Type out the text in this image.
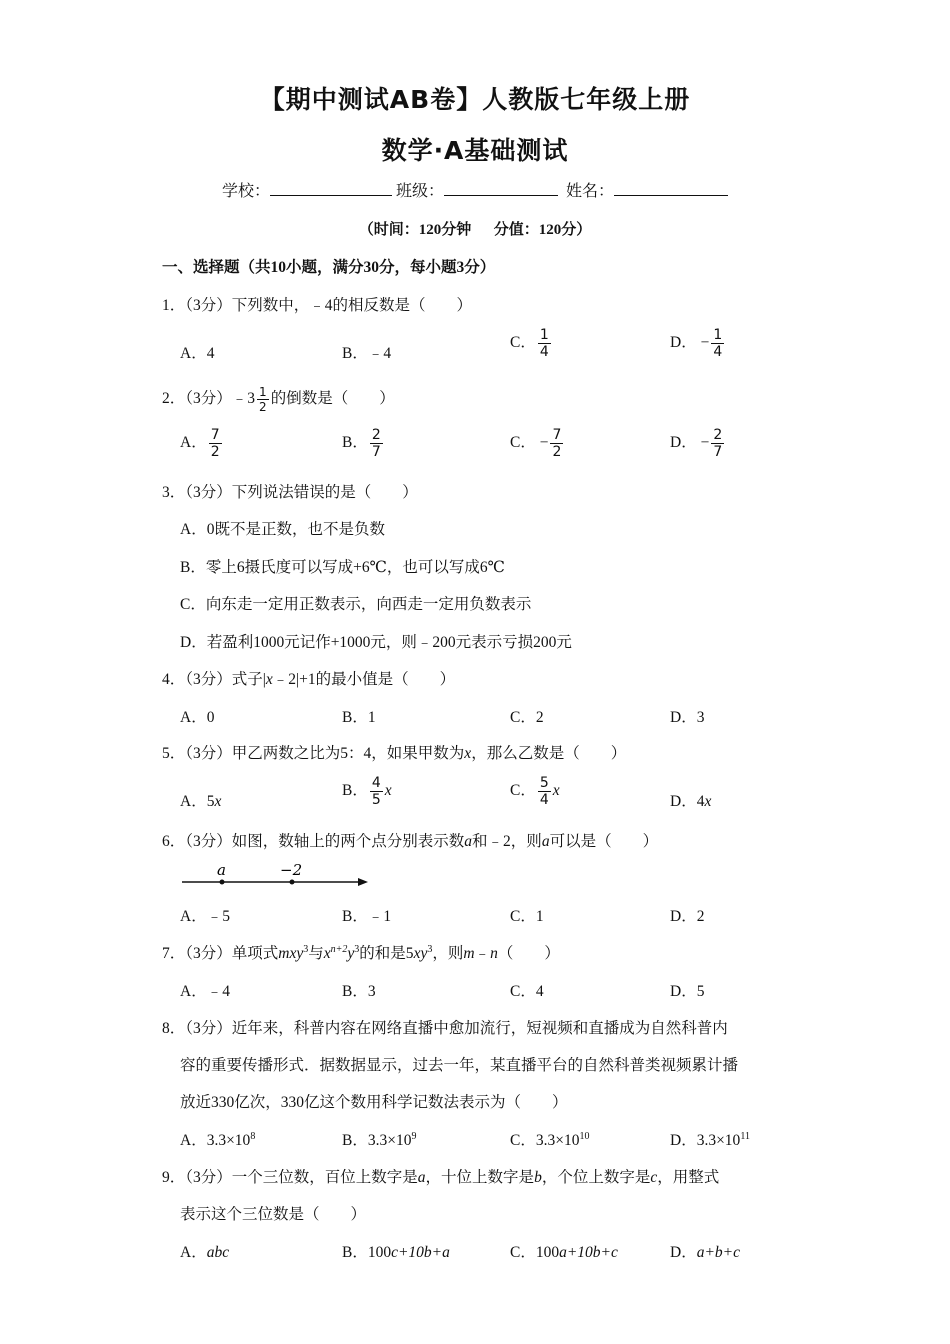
【期中测试AB卷】人教版七年级上册
数学·A基础测试
学校：	班级：	姓名：
（时间：120分钟 　 分值：120分）
一、选择题（共10小题，满分30分，每小题3分）
1．（3分）下列数中，﹣4的相反数是（　　）
A．4	B．﹣4
C． $\frac{1}{4}$	D． − $\frac{1}{4}$
2．（3分）﹣3 $\frac{1}{2}$ 的倒数是（　　）
A． $\frac{7}{2}$	B． $\frac{2}{7}$	C． − $\frac{7}{2}$	D． − $\frac{2}{7}$
3．（3分）下列说法错误的是（　　）
A．0既不是正数，也不是负数
B．零上6摄氏度可以写成+6℃，也可以写成6℃
C．向东走一定用正数表示，向西走一定用负数表示
D．若盈利1000元记作+1000元，则﹣200元表示亏损200元
4．（3分）式子|x﹣2|+1的最小值是（　　）
A．0	B．1	C．2	D．3
5．（3分）甲乙两数之比为5：4，如果甲数为x，那么乙数是（　　）
A．5x
B． $\frac{4}{5}$ x	C． $\frac{5}{4}$ x
D．4x
6．（3分）如图，数轴上的两个点分别表示数a和﹣2，则a可以是（　　）
a	−2
A．﹣5	B．﹣1	C．1	D．2
7．（3分）单项式mxy$^3$与$x^{n+2}y^3$的和是$5xy^3$，则m﹣n（　　）
A．﹣4	B．3	C．4	D．5
8．（3分）近年来，科普内容在网络直播中愈加流行，短视频和直播成为自然科普内
容的重要传播形式．据数据显示，过去一年，某直播平台的自然科普类视频累计播
放近330亿次，330亿这个数用科学记数法表示为（　　）
A．$3.3\times 10^8$	B．$3.3\times 10^9$	C．$3.3\times 10^{10}$	D．$3.3\times 10^{11}$
9．（3分）一个三位数，百位上数字是a，十位上数字是b，个位上数字是c，用整式
表示这个三位数是（　　）
A．abc	B．100c+10b+a	C．100a+10b+c	D．a+b+c
